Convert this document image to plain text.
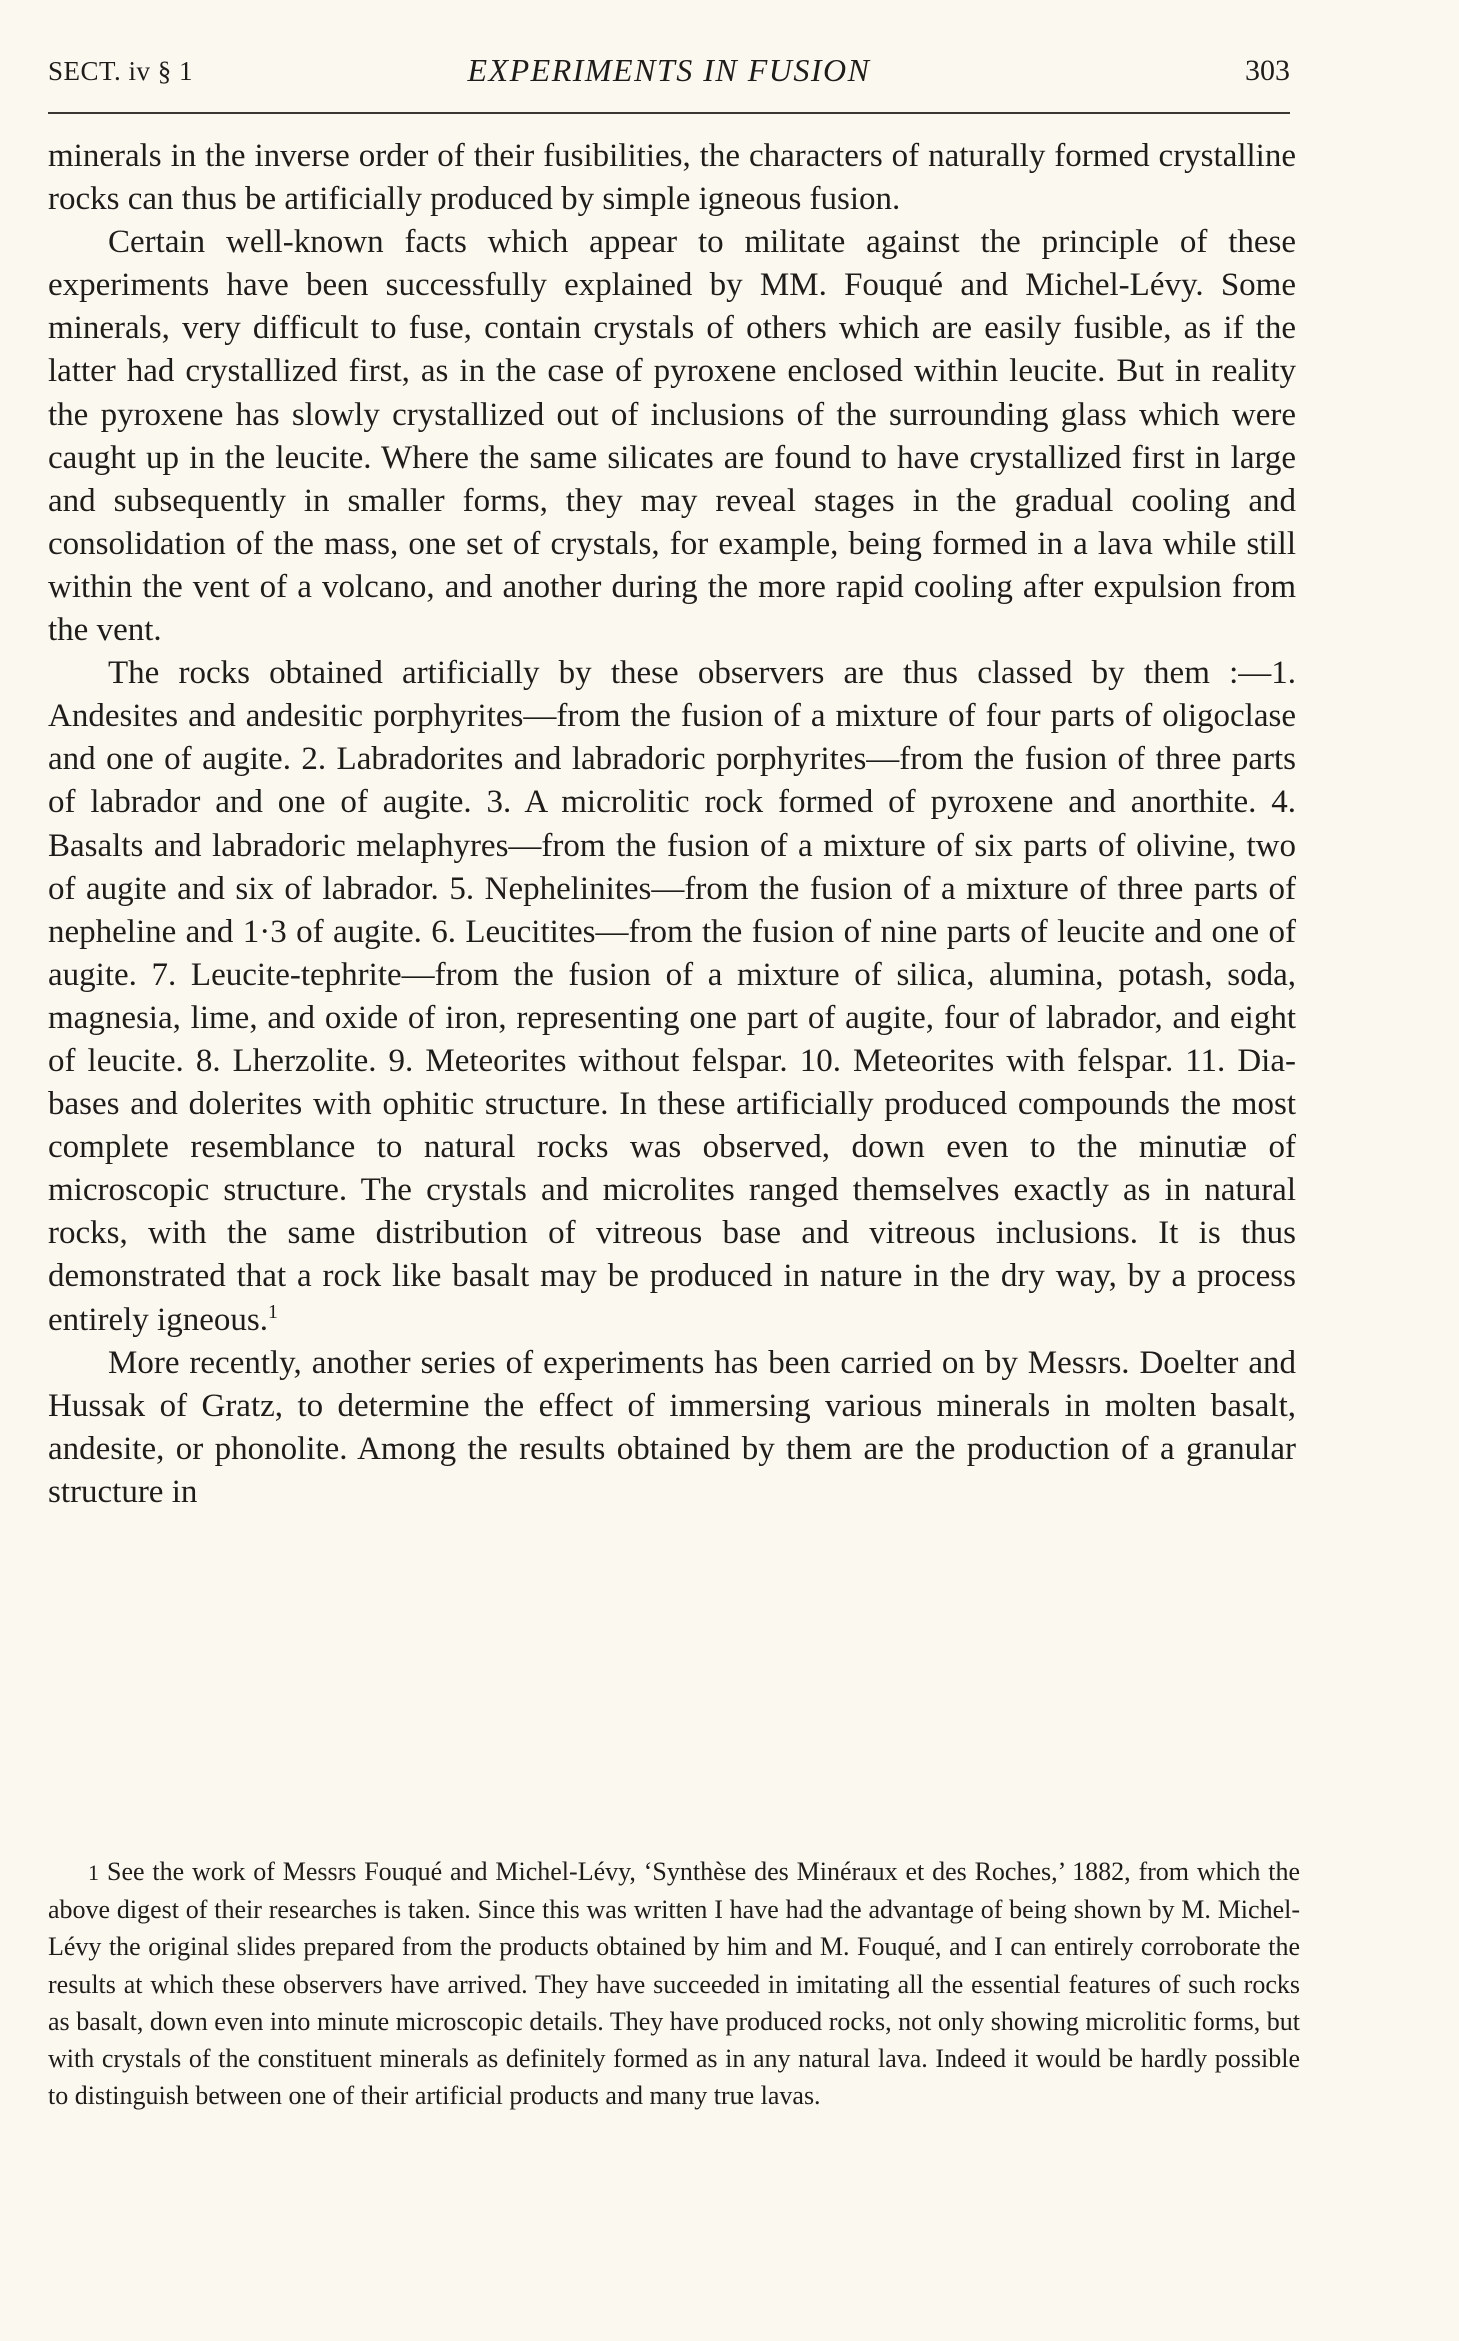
SECT. iv § 1	EXPERIMENTS IN FUSION	303

minerals in the inverse order of their fusibilities, the characters of naturally formed crystalline rocks can thus be artificially produced by simple igneous fusion.

Certain well-known facts which appear to militate against the principle of these experiments have been successfully explained by MM. Fouqué and Michel-Lévy. Some minerals, very difficult to fuse, contain crystals of others which are easily fusible, as if the latter had crystallized first, as in the case of pyroxene enclosed within leucite. But in reality the pyroxene has slowly crystallized out of inclusions of the surrounding glass which were caught up in the leucite. Where the same silicates are found to have crystallized first in large and subsequently in smaller forms, they may reveal stages in the gradual cooling and consolidation of the mass, one set of crystals, for example, being formed in a lava while still within the vent of a volcano, and another during the more rapid cooling after expulsion from the vent.

The rocks obtained artificially by these observers are thus classed by them :—1. Andesites and andesitic porphyrites—from the fusion of a mixture of four parts of oligoclase and one of augite. 2. Labradorites and labradoric porphyrites—from the fusion of three parts of labrador and one of augite. 3. A microlitic rock formed of pyroxene and anorthite. 4. Basalts and labradoric melaphyres—from the fusion of a mixture of six parts of olivine, two of augite and six of labrador. 5. Nephelinites—from the fusion of a mixture of three parts of nepheline and 1·3 of augite. 6. Leucitites—from the fusion of nine parts of leucite and one of augite. 7. Leucite-tephrite—from the fusion of a mixture of silica, alumina, potash, soda, magnesia, lime, and oxide of iron, representing one part of augite, four of labrador, and eight of leucite. 8. Lherzolite. 9. Meteorites without felspar. 10. Meteorites with felspar. 11. Diabases and dolerites with ophitic structure. In these artificially produced compounds the most complete resemblance to natural rocks was observed, down even to the minutiæ of microscopic structure. The crystals and microlites ranged themselves exactly as in natural rocks, with the same distribution of vitreous base and vitreous inclusions. It is thus demonstrated that a rock like basalt may be produced in nature in the dry way, by a process entirely igneous.$^1$

More recently, another series of experiments has been carried on by Messrs. Doelter and Hussak of Gratz, to determine the effect of immersing various minerals in molten basalt, andesite, or phonolite. Among the results obtained by them are the production of a granular structure in

1 See the work of Messrs Fouqué and Michel-Lévy, ‘Synthèse des Minéraux et des Roches,’ 1882, from which the above digest of their researches is taken. Since this was written I have had the advantage of being shown by M. Michel-Lévy the original slides prepared from the products obtained by him and M. Fouqué, and I can entirely corroborate the results at which these observers have arrived. They have succeeded in imitating all the essential features of such rocks as basalt, down even into minute microscopic details. They have produced rocks, not only showing microlitic forms, but with crystals of the constituent minerals as definitely formed as in any natural lava. Indeed it would be hardly possible to distinguish between one of their artificial products and many true lavas.
